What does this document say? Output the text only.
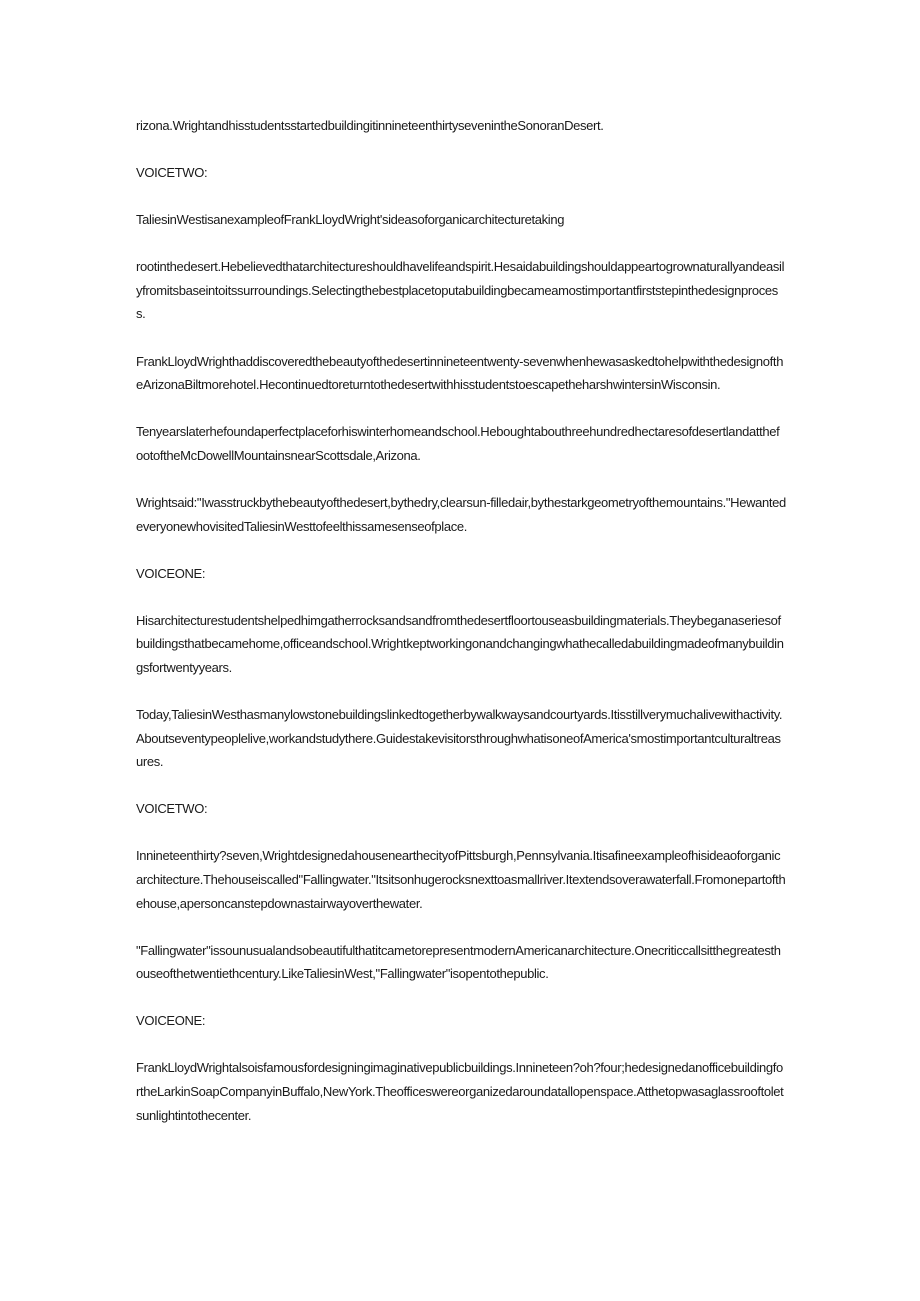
rizona.WrightandhisstudentsstartedbuildingitinnineteenthirtysevenintheSonoranDesert.

VOICETWO:

TaliesinWestisanexampleofFrankLloydWright'sideasoforganicarchitecturetaking

rootinthedesert.Hebelievedthatarchitectureshouldhavelifeandspirit.Hesaidabuildingshouldappeartogrownaturallyandeasilyfromitsbaseintoitssurroundings.Selectingthebestplacetoputabuildingbecameamostimportantfirststepinthedesignprocess.

FrankLloydWrighthaddiscoveredthebeautyofthedesertinnineteentwenty-sevenwhenhewasaskedtohelpwiththedesignoftheArizonaBiltmorehotel.HecontinuedtoreturntothedesertwithhisstudentstoescapetheharshwintersinWisconsin.

Tenyearslaterhefoundaperfectplaceforhiswinterhomeandschool.HeboughtabouthreehundredhectaresofdesertlandatthefootoftheMcDowellMountainsnearScottsdale,Arizona.

Wrightsaid:"Iwasstruckbythebeautyofthedesert,bythedry,clearsun-filledair,bythestarkgeometryofthemountains."HewantedeveryonewhovisitedTaliesinWesttofeelthissamesenseofplace.

VOICEONE:

Hisarchitecturestudentshelpedhimgatherrocksandsandfromthedesertfloortouseasbuildingmaterials.Theybeganaseriesofbuildingsthatbecamehome,officeandschool.Wrightkeptworkingonandchangingwhathecalledabuildingmadeofmanybuildingsfortwentyyears.

Today,TaliesinWesthasmanylowstonebuildingslinkedtogetherbywalkwaysandcourtyards.Itisstillverymuchalivewithactivity.Aboutseventypeoplelive,workandstudythere.GuidestakevisitorsthroughwhatisoneofAmerica'smostimportantculturaltreasures.

VOICETWO:

Innineteenthirty?seven,WrightdesignedahousenearthecityofPittsburgh,Pennsylvania.Itisafineexampleofhisideaoforganicarchitecture.Thehouseiscalled"Fallingwater."Itsitsonhugerocksnexttoasmallriver.Itextendsoverawaterfall.Fromonepartofthehouse,apersoncanstepdownastairwayoverthewater.

"Fallingwater"issounusualandsobeautifulthatitcametorepresentmodernAmericanarchitecture.Onecriticcallsitthegreatesthouseofthetwentiethcentury.LikeTaliesinWest,"Fallingwater"isopentothepublic.

VOICEONE:

FrankLloydWrightalsoisfamousfordesigningimaginativepublicbuildings.Innineteen?oh?four;hedesignedanofficebuildingfortheLarkinSoapCompanyinBuffalo,NewYork.Theofficeswereorganizedaroundatallopenspace.Atthetopwasaglassrooftoletsunlightintothecenter.
